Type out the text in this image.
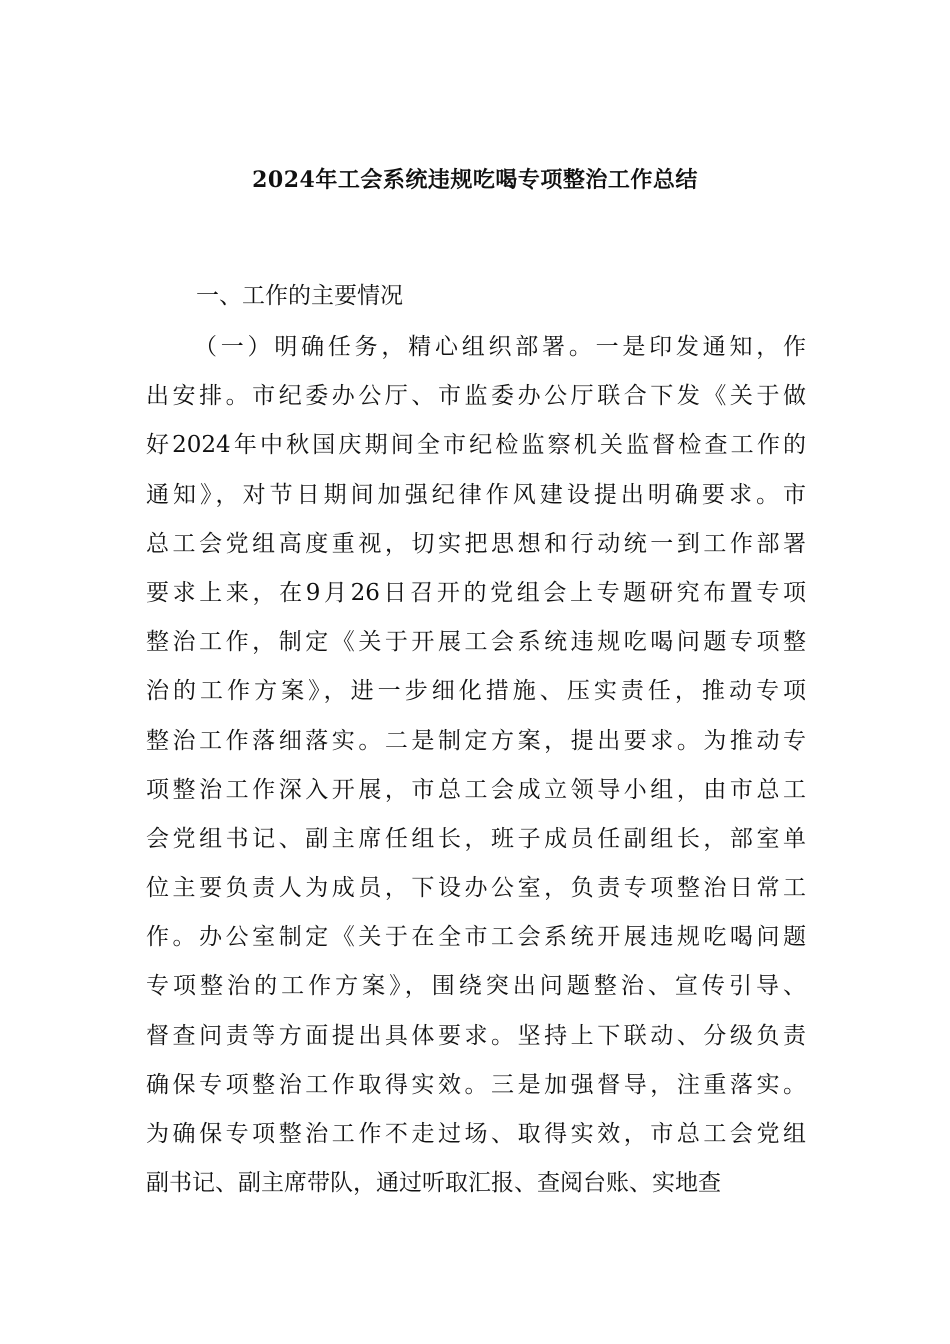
2024年工会系统违规吃喝专项整治工作总结
一、工作的主要情况
（一）明确任务，精心组织部署。一是印发通知，作
出安排。市纪委办公厅、市监委办公厅联合下发《关于做
好2024年中秋国庆期间全市纪检监察机关监督检查工作的
通知》，对节日期间加强纪律作风建设提出明确要求。市
总工会党组高度重视，切实把思想和行动统一到工作部署
要求上来，在9月26日召开的党组会上专题研究布置专项
整治工作，制定《关于开展工会系统违规吃喝问题专项整
治的工作方案》，进一步细化措施、压实责任，推动专项
整治工作落细落实。二是制定方案，提出要求。为推动专
项整治工作深入开展，市总工会成立领导小组，由市总工
会党组书记、副主席任组长，班子成员任副组长，部室单
位主要负责人为成员，下设办公室，负责专项整治日常工
作。办公室制定《关于在全市工会系统开展违规吃喝问题
专项整治的工作方案》，围绕突出问题整治、宣传引导、
督查问责等方面提出具体要求。坚持上下联动、分级负责
确保专项整治工作取得实效。三是加强督导，注重落实。
为确保专项整治工作不走过场、取得实效，市总工会党组
副书记、副主席带队，通过听取汇报、查阅台账、实地查
